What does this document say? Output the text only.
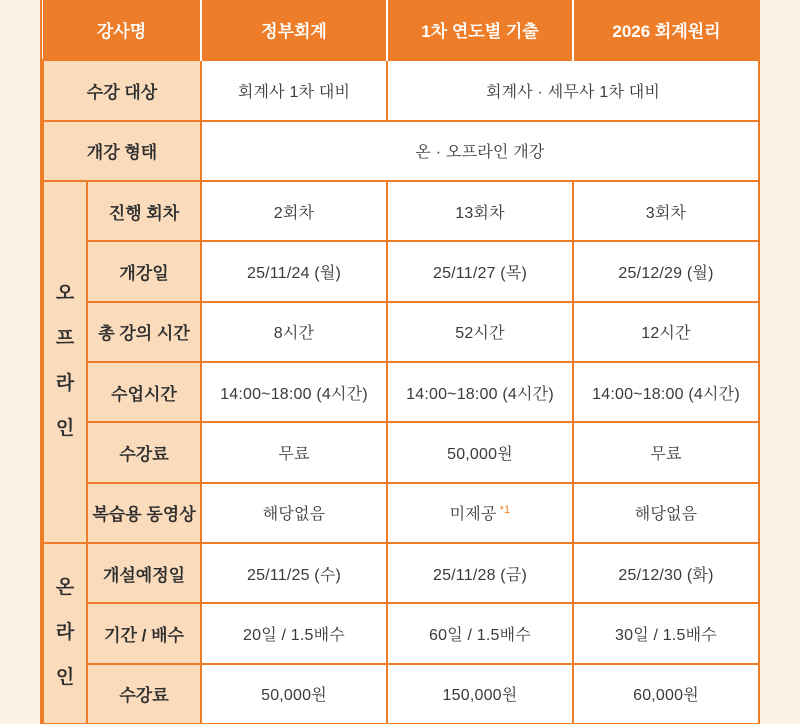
강사명		정부회계	1차 연도별 기출	2026 회계원리
수강 대상		회계사 1차 대비	회계사 · 세무사 1차 대비	
개강 형태		온 · 오프라인 개강		

오
프
라
인	진행 회차	2회차	13회차	3회차
	개강일	25/11/24 (월)	25/11/27 (목)	25/12/29 (월)
	총 강의 시간	8시간	52시간	12시간
	수업시간	14:00~18:00 (4시간)	14:00~18:00 (4시간)	14:00~18:00 (4시간)
	수강료	무료	50,000원	무료
	복습용 동영상	해당없음	미제공 $^{*1}$	해당없음

온
라
인	개설예정일	25/11/25 (수)	25/11/28 (금)	25/12/30 (화)
	기간 / 배수	20일 / 1.5배수	60일 / 1.5배수	30일 / 1.5배수
	수강료	50,000원	150,000원	60,000원
